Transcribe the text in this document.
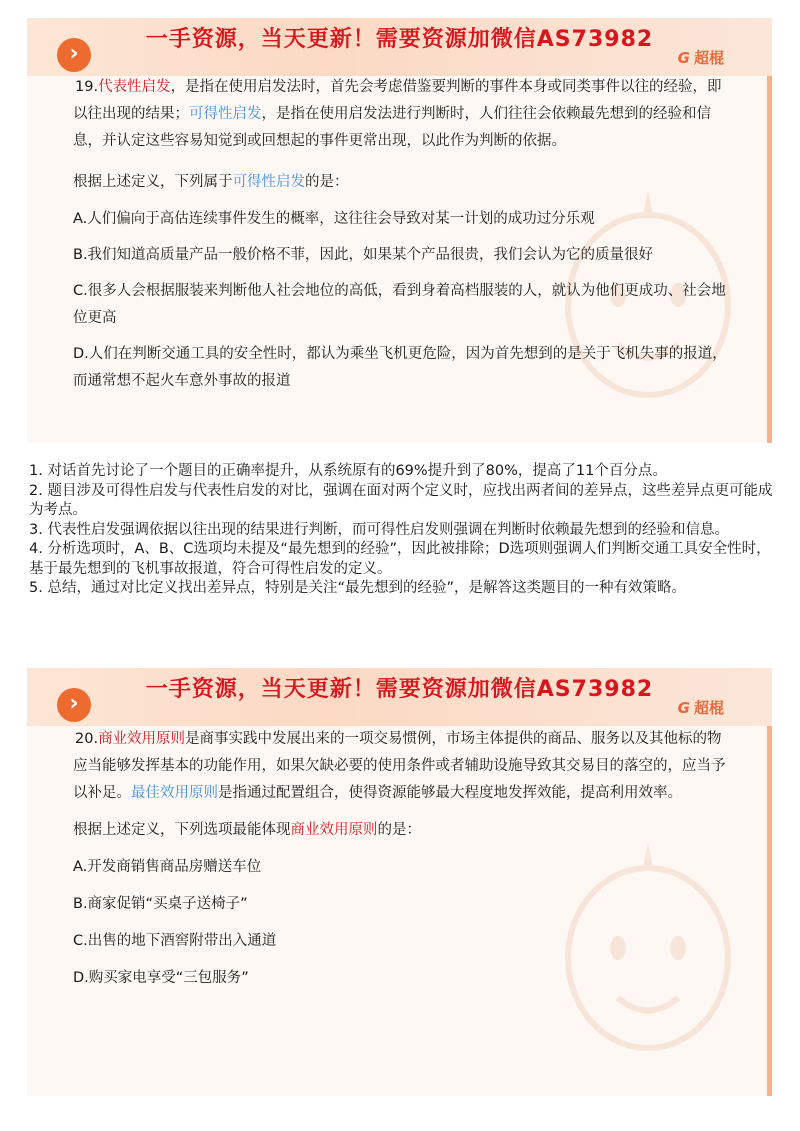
一手资源，当天更新！需要资源加微信AS73982
›	G 超棍

19.代表性启发，是指在使用启发法时，首先会考虑借鉴要判断的事件本身或同类事件以往的经验，即以往出现的结果；可得性启发，是指在使用启发法进行判断时，人们往往会依赖最先想到的经验和信息，并认定这些容易知觉到或回想起的事件更常出现，以此作为判断的依据。

根据上述定义，下列属于可得性启发的是：

A.人们偏向于高估连续事件发生的概率，这往往会导致对某一计划的成功过分乐观

B.我们知道高质量产品一般价格不菲，因此，如果某个产品很贵，我们会认为它的质量很好

C.很多人会根据服装来判断他人社会地位的高低，看到身着高档服装的人，就认为他们更成功、社会地位更高

D.人们在判断交通工具的安全性时，都认为乘坐飞机更危险，因为首先想到的是关于飞机失事的报道，而通常想不起火车意外事故的报道

1. 对话首先讨论了一个题目的正确率提升，从系统原有的69%提升到了80%，提高了11个百分点。

2. 题目涉及可得性启发与代表性启发的对比，强调在面对两个定义时，应找出两者间的差异点，这些差异点更可能成为考点。

3. 代表性启发强调依据以往出现的结果进行判断，而可得性启发则强调在判断时依赖最先想到的经验和信息。

4. 分析选项时，A、B、C选项均未提及“最先想到的经验”，因此被排除；D选项则强调人们判断交通工具安全性时，基于最先想到的飞机事故报道，符合可得性启发的定义。

5. 总结，通过对比定义找出差异点，特别是关注“最先想到的经验”，是解答这类题目的一种有效策略。

一手资源，当天更新！需要资源加微信AS73982
›	G 超棍

20.商业效用原则是商事实践中发展出来的一项交易惯例，市场主体提供的商品、服务以及其他标的物应当能够发挥基本的功能作用，如果欠缺必要的使用条件或者辅助设施导致其交易目的落空的，应当予以补足。最佳效用原则是指通过配置组合，使得资源能够最大程度地发挥效能，提高利用效率。

根据上述定义，下列选项最能体现商业效用原则的是：

A.开发商销售商品房赠送车位

B.商家促销“买桌子送椅子”

C.出售的地下酒窖附带出入通道

D.购买家电享受“三包服务”
